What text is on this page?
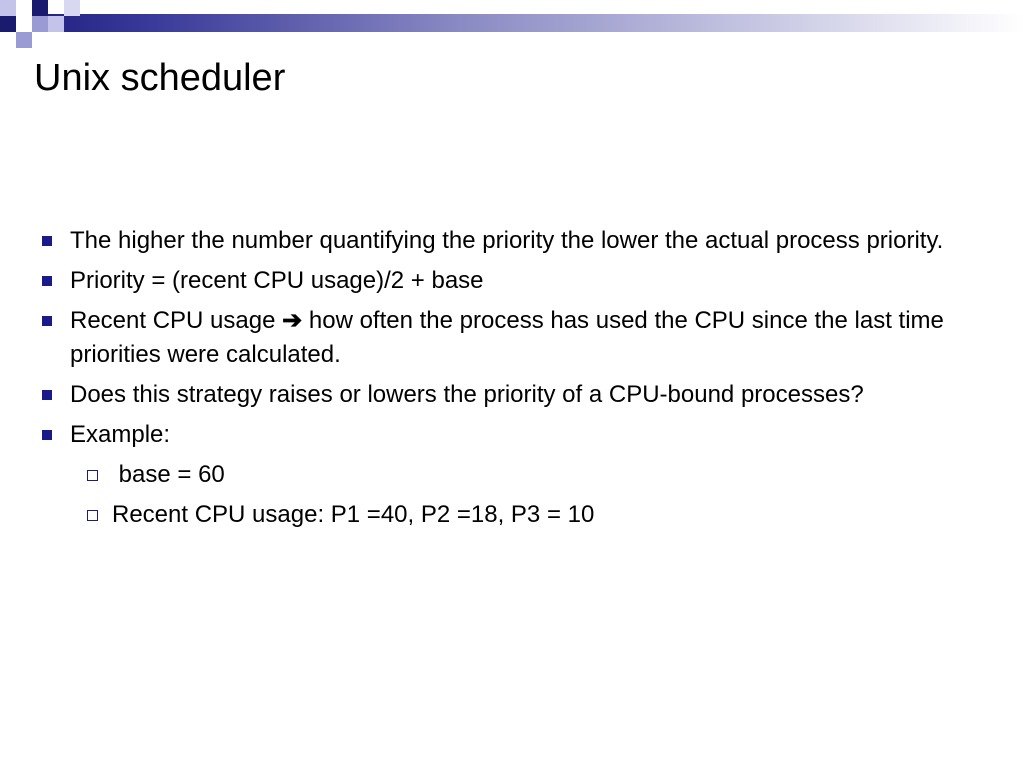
Unix scheduler
The higher the number quantifying the priority the lower the actual process priority.
Priority = (recent CPU usage)/2 + base
Recent CPU usage ➔ how often the process has used the CPU since the last time priorities were calculated.
Does this strategy raises or lowers the priority of a CPU-bound processes?
Example:
base = 60
Recent CPU usage: P1 =40, P2 =18, P3 = 10
